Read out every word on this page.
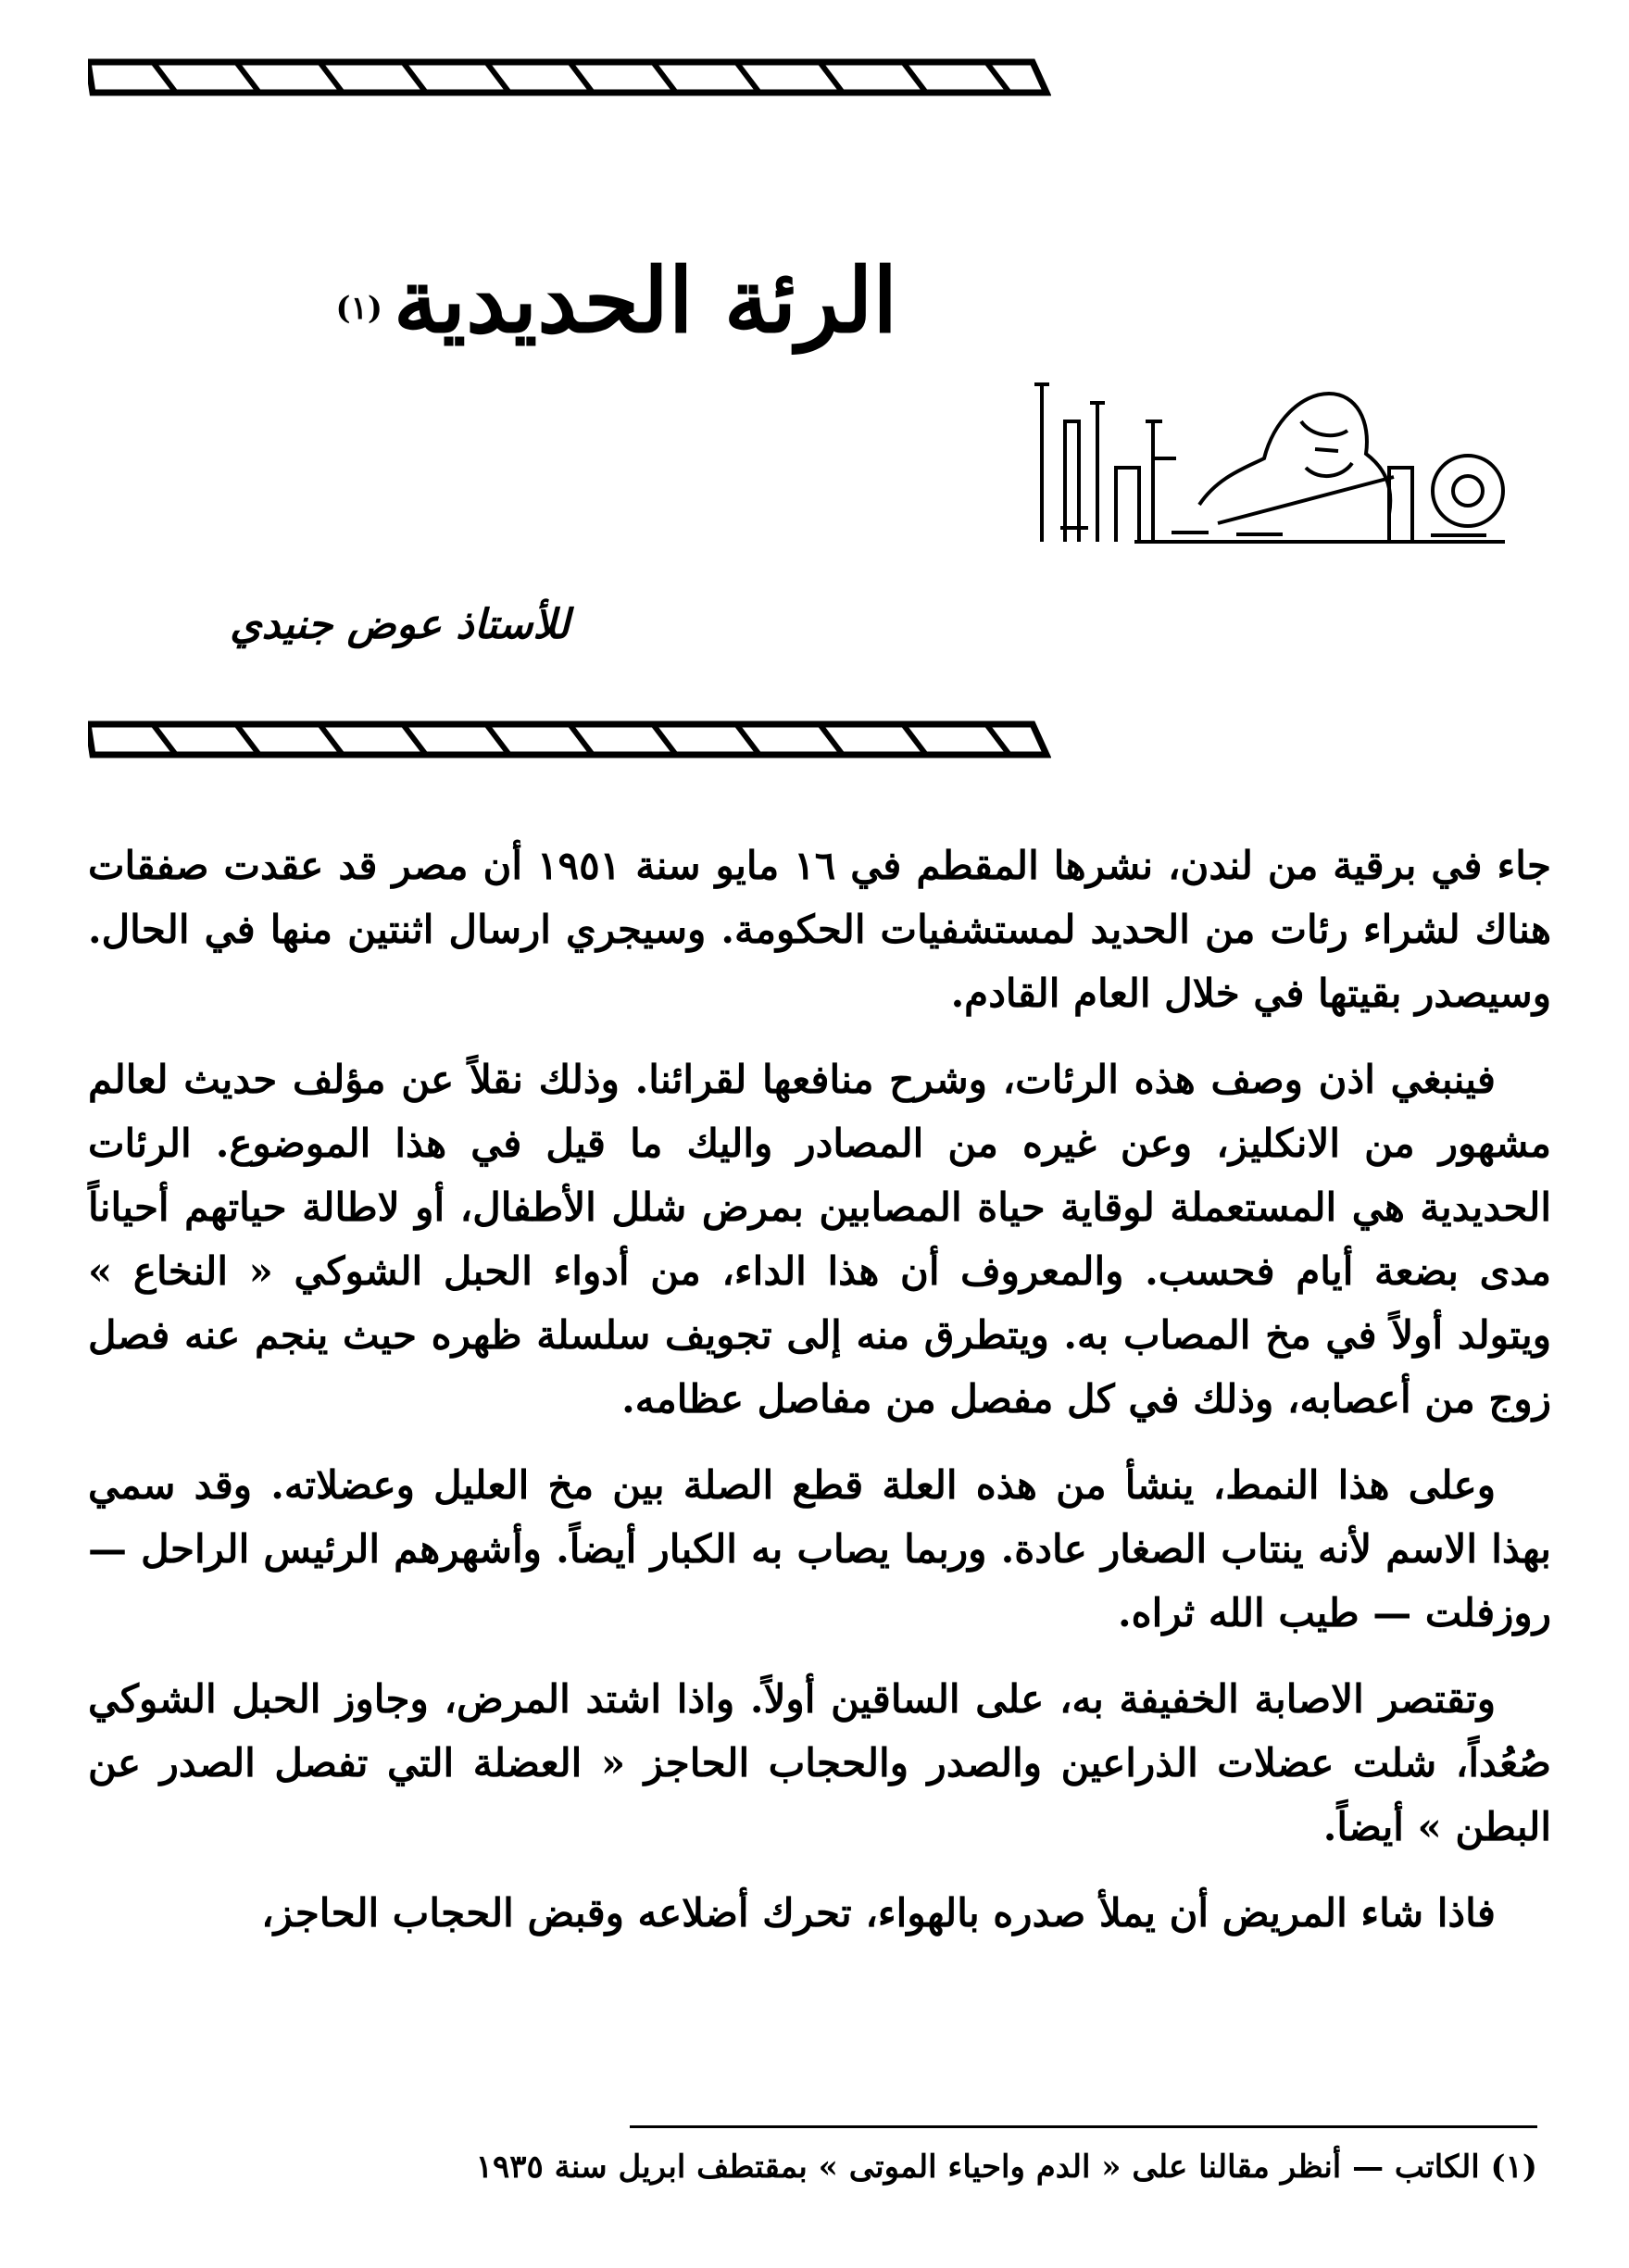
الرئة الحديدية$^{(١)}$
للأستاذ عوض جنيدي

جاء في برقية من لندن، نشرها المقطم في ١٦ مايو سنة ١٩٥١ أن مصر قد عقدت صفقات هناك لشراء رئات من الحديد لمستشفيات الحكومة. وسيجري ارسال اثنتين منها في الحال. وسيصدر بقيتها في خلال العام القادم.

فينبغي اذن وصف هذه الرئات، وشرح منافعها لقرائنا. وذلك نقلاً عن مؤلف حديث لعالم مشهور من الانكليز، وعن غيره من المصادر واليك ما قيل في هذا الموضوع. الرئات الحديدية هي المستعملة لوقاية حياة المصابين بمرض شلل الأطفال، أو لاطالة حياتهم أحياناً مدى بضعة أيام فحسب. والمعروف أن هذا الداء، من أدواء الحبل الشوكي « النخاع » ويتولد أولاً في مخ المصاب به. ويتطرق منه إلى تجويف سلسلة ظهره حيث ينجم عنه فصل زوج من أعصابه، وذلك في كل مفصل من مفاصل عظامه.

وعلى هذا النمط، ينشأ من هذه العلة قطع الصلة بين مخ العليل وعضلاته. وقد سمي بهذا الاسم لأنه ينتاب الصغار عادة. وربما يصاب به الكبار أيضاً. وأشهرهم الرئيس الراحل — روزفلت — طيب الله ثراه.

وتقتصر الاصابة الخفيفة به، على الساقين أولاً. واذا اشتد المرض، وجاوز الحبل الشوكي صُعُداً، شلت عضلات الذراعين والصدر والحجاب الحاجز « العضلة التي تفصل الصدر عن البطن » أيضاً.

فاذا شاء المريض أن يملأ صدره بالهواء، تحرك أضلاعه وقبض الحجاب الحاجز،

(١) الكاتب — أنظر مقالنا على « الدم واحياء الموتى » بمقتطف ابريل سنة ١٩٣٥
